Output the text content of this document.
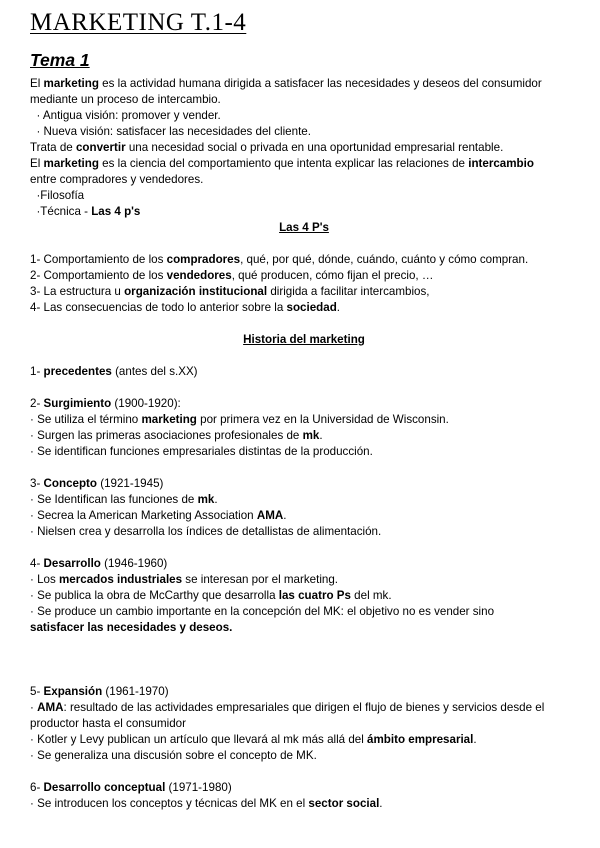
MARKETING T.1-4
Tema 1
El marketing es la actividad humana dirigida a satisfacer las necesidades y deseos del consumidor
mediante un proceso de intercambio.
· Antigua visión: promover y vender.
· Nueva visión: satisfacer las necesidades del cliente.
Trata de convertir una necesidad social o privada en una oportunidad empresarial rentable.
El marketing es la ciencia del comportamiento que intenta explicar las relaciones de intercambio
entre compradores y vendedores.
·Filosofía
·Técnica - Las 4 p's
1- Comportamiento de los compradores, qué, por qué, dónde, cuándo, cuánto y cómo compran.
2- Comportamiento de los vendedores, qué producen, cómo fijan el precio, …
3- La estructura u organización institucional dirigida a facilitar intercambios,
4- Las consecuencias de todo lo anterior sobre la sociedad.
1- precedentes (antes del s.XX)
2- Surgimiento (1900-1920):
· Se utiliza el término marketing por primera vez en la Universidad de Wisconsin.
· Surgen las primeras asociaciones profesionales de mk.
· Se identifican funciones empresariales distintas de la producción.
3- Concepto (1921-1945)
· Se Identifican las funciones de mk.
· Secrea la American Marketing Association AMA.
· Nielsen crea y desarrolla los índices de detallistas de alimentación.
4- Desarrollo (1946-1960)
· Los mercados industriales se interesan por el marketing.
· Se publica la obra de McCarthy que desarrolla las cuatro Ps del mk.
· Se produce un cambio importante en la concepción del MK: el objetivo no es vender sino
satisfacer las necesidades y deseos.
5- Expansión (1961-1970)
· AMA: resultado de las actividades empresariales que dirigen el flujo de bienes y servicios desde el
productor hasta el consumidor
· Kotler y Levy publican un artículo que llevará al mk más allá del ámbito empresarial.
· Se generaliza una discusión sobre el concepto de MK.
6- Desarrollo conceptual (1971-1980)
· Se introducen los conceptos y técnicas del MK en el sector social.
Las 4 P's
Historia del marketing
